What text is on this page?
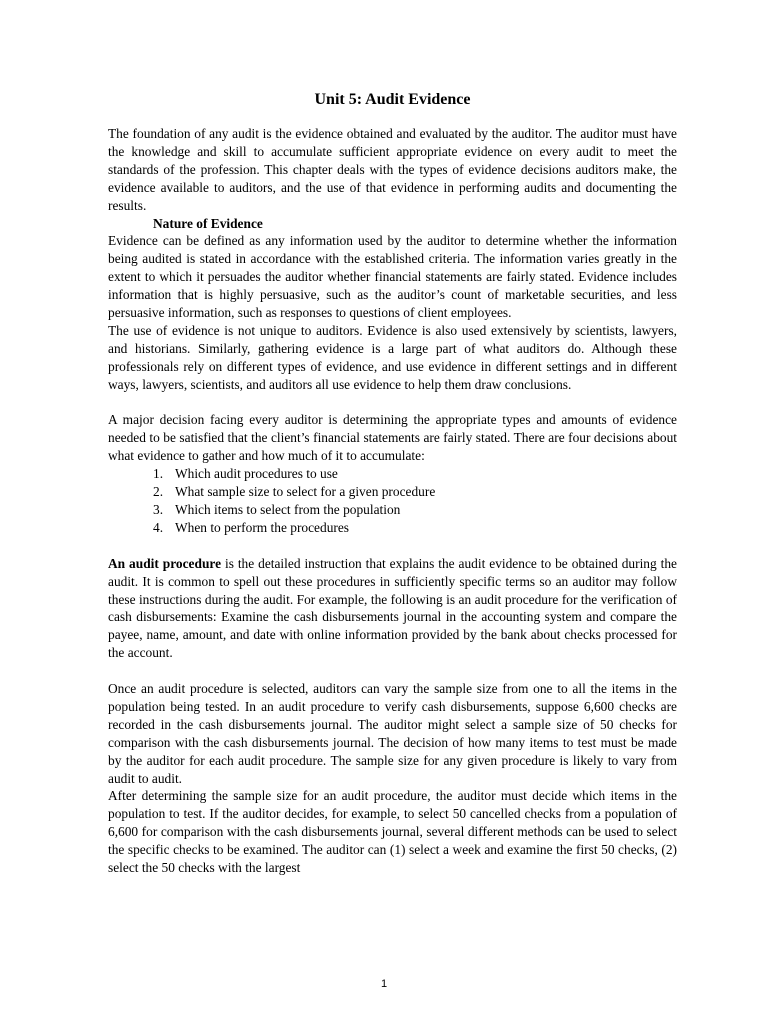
Unit 5: Audit Evidence

The foundation of any audit is the evidence obtained and evaluated by the auditor. The auditor must have the knowledge and skill to accumulate sufficient appropriate evidence on every audit to meet the standards of the profession. This chapter deals with the types of evidence decisions auditors make, the evidence available to auditors, and the use of that evidence in performing audits and documenting the results.

Nature of Evidence

Evidence can be defined as any information used by the auditor to determine whether the information being audited is stated in accordance with the established criteria. The information varies greatly in the extent to which it persuades the auditor whether financial statements are fairly stated. Evidence includes information that is highly persuasive, such as the auditor’s count of marketable securities, and less persuasive information, such as responses to questions of client employees.

The use of evidence is not unique to auditors. Evidence is also used extensively by scientists, lawyers, and historians. Similarly, gathering evidence is a large part of what auditors do. Although these professionals rely on different types of evidence, and use evidence in different settings and in different ways, lawyers, scientists, and auditors all use evidence to help them draw conclusions.

A major decision facing every auditor is determining the appropriate types and amounts of evidence needed to be satisfied that the client’s financial statements are fairly stated. There are four decisions about what evidence to gather and how much of it to accumulate:

1. Which audit procedures to use
2. What sample size to select for a given procedure
3. Which items to select from the population
4. When to perform the procedures

An audit procedure is the detailed instruction that explains the audit evidence to be obtained during the audit. It is common to spell out these procedures in sufficiently specific terms so an auditor may follow these instructions during the audit. For example, the following is an audit procedure for the verification of cash disbursements: Examine the cash disbursements journal in the accounting system and compare the payee, name, amount, and date with online information provided by the bank about checks processed for the account.

Once an audit procedure is selected, auditors can vary the sample size from one to all the items in the population being tested. In an audit procedure to verify cash disbursements, suppose 6,600 checks are recorded in the cash disbursements journal. The auditor might select a sample size of 50 checks for comparison with the cash disbursements journal. The decision of how many items to test must be made by the auditor for each audit procedure. The sample size for any given procedure is likely to vary from audit to audit.

After determining the sample size for an audit procedure, the auditor must decide which items in the population to test. If the auditor decides, for example, to select 50 cancelled checks from a population of 6,600 for comparison with the cash disbursements journal, several different methods can be used to select the specific checks to be examined. The auditor can (1) select a week and examine the first 50 checks, (2) select the 50 checks with the largest

1
